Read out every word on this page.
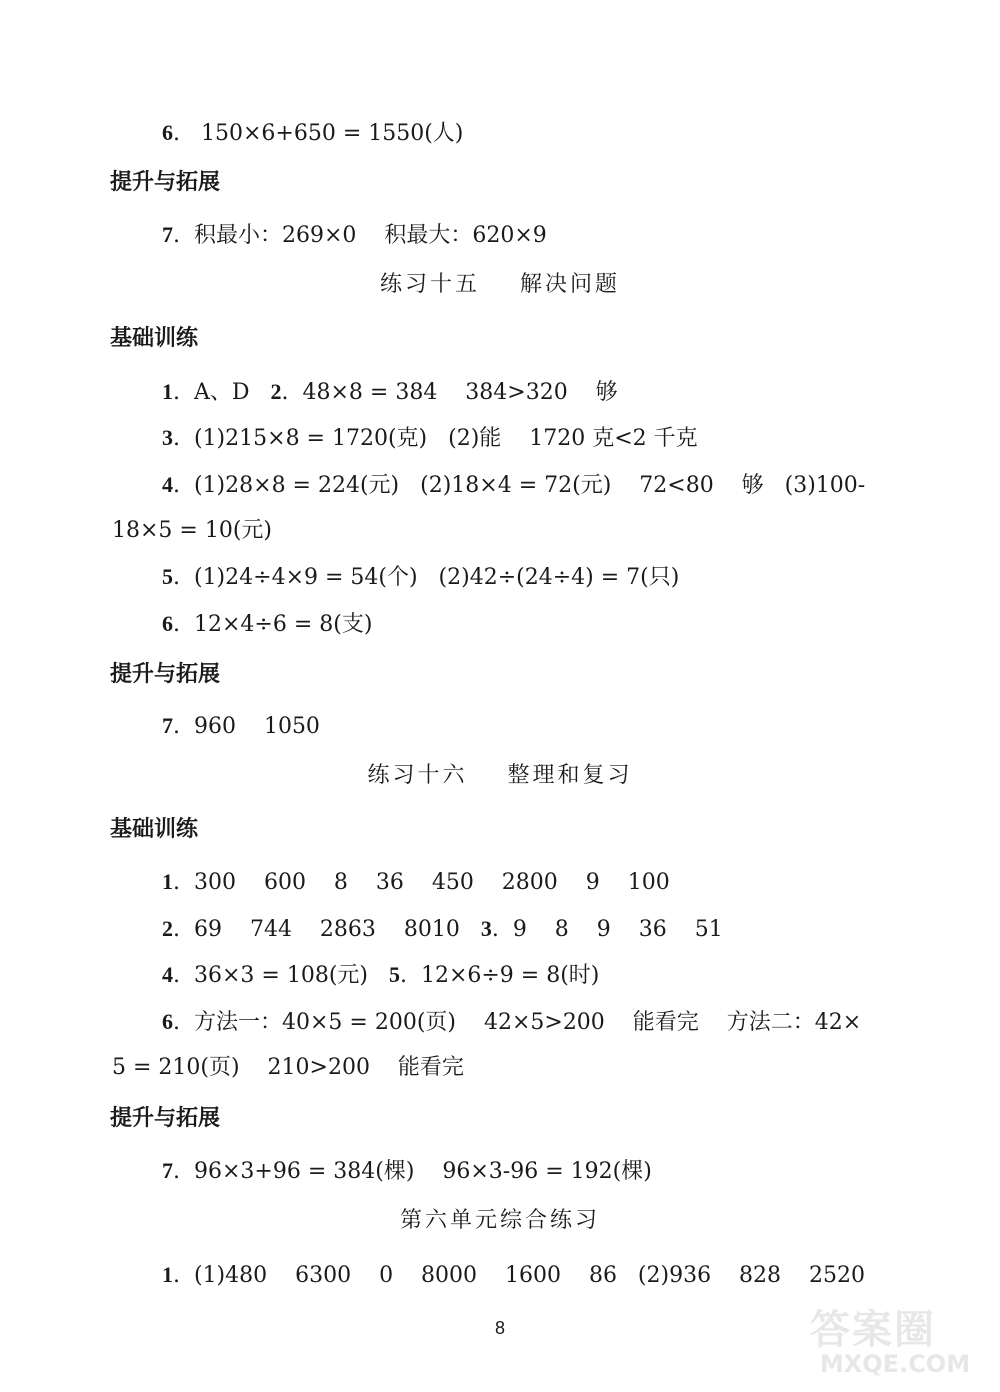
6.   150×6+650 = 1550(人)
提升与拓展
7.  积最小：269×0    积最大：620×9
练习十五    解决问题
基础训练
1.  A、D   2.  48×8 = 384    384>320    够
3.  (1)215×8 = 1720(克)   (2)能    1720 克<2 千克
4.  (1)28×8 = 224(元)   (2)18×4 = 72(元)    72<80    够   (3)100-
18×5 = 10(元)
5.  (1)24÷4×9 = 54(个)   (2)42÷(24÷4) = 7(只)
6.  12×4÷6 = 8(支)
提升与拓展
7.  960    1050
练习十六    整理和复习
基础训练
1.  300    600    8    36    450    2800    9    100
2.  69    744    2863    8010   3.  9    8    9    36    51
4.  36×3 = 108(元)   5.  12×6÷9 = 8(时)
6.  方法一：40×5 = 200(页)    42×5>200    能看完    方法二：42×
5 = 210(页)    210>200    能看完
提升与拓展
7.  96×3+96 = 384(棵)    96×3-96 = 192(棵)
第六单元综合练习
1.  (1)480    6300    0    8000    1600    86   (2)936    828    2520
8	答案圈
MXQE.COM
